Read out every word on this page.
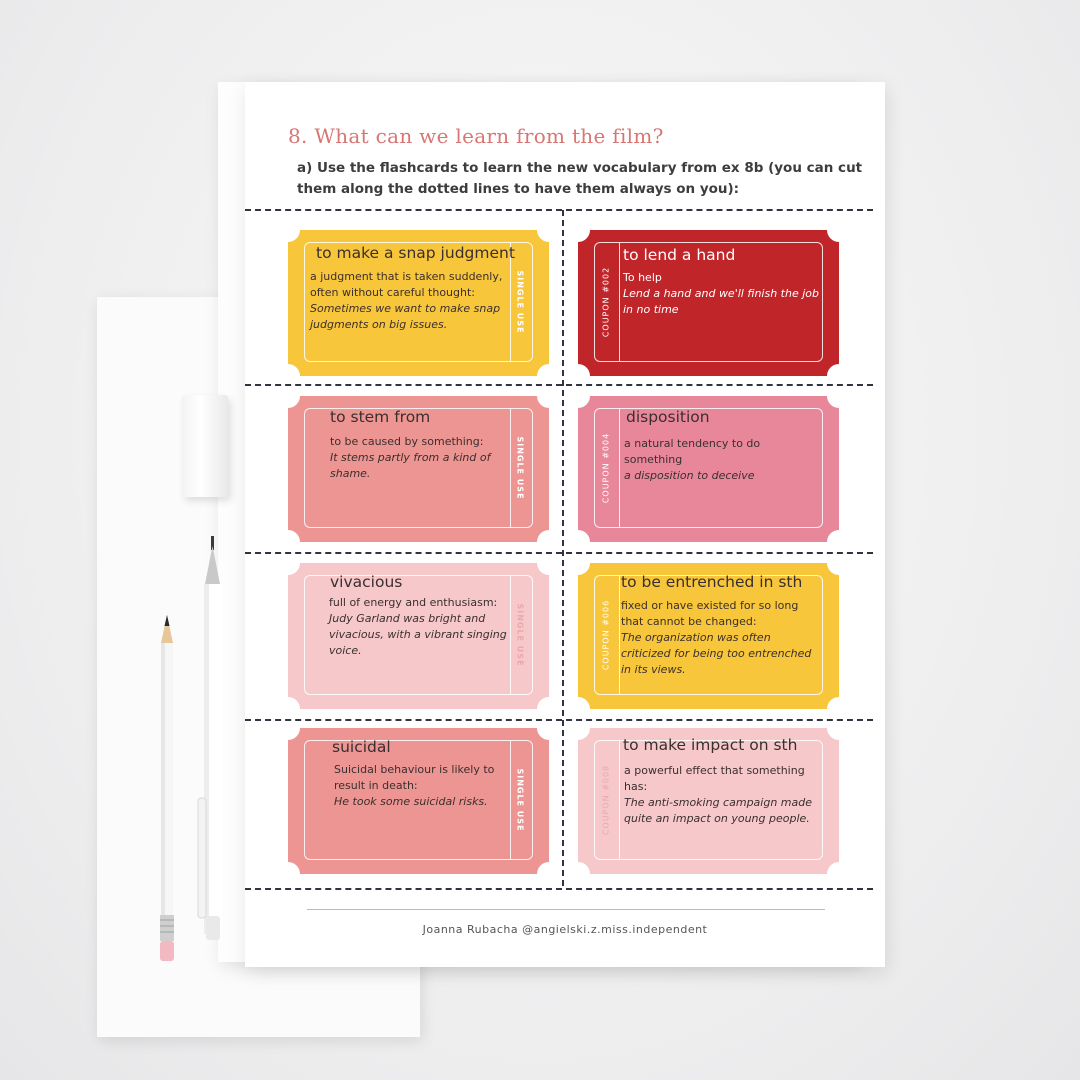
8. What can we learn from the film?

a) Use the flashcards to learn the new vocabulary from ex 8b (you can cut them along the dotted lines to have them always on you):

SINGLE USE
to make a snap judgment
a judgment that is taken suddenly, often without careful thought:
Sometimes we want to make snap judgments on big issues.	COUPON #002
to lend a hand
To help
Lend a hand and we'll finish the job in no time
SINGLE USE
to stem from
to be caused by something:
It stems partly from a kind of shame.	COUPON #004
disposition
a natural tendency to do something
a disposition to deceive
SINGLE USE
vivacious
full of energy and enthusiasm:
Judy Garland was bright and vivacious, with a vibrant singing voice.	COUPON #006
to be entrenched in sth
fixed or have existed for so long that cannot be changed:
The organization was often criticized for being too entrenched in its views.
SINGLE USE
suicidal
Suicidal behaviour is likely to result in death:
He took some suicidal risks.	COUPON #008
to make impact on sth
a powerful effect that something has:
The anti-smoking campaign made quite an impact on young people.
Joanna Rubacha @angielski.z.miss.independent
